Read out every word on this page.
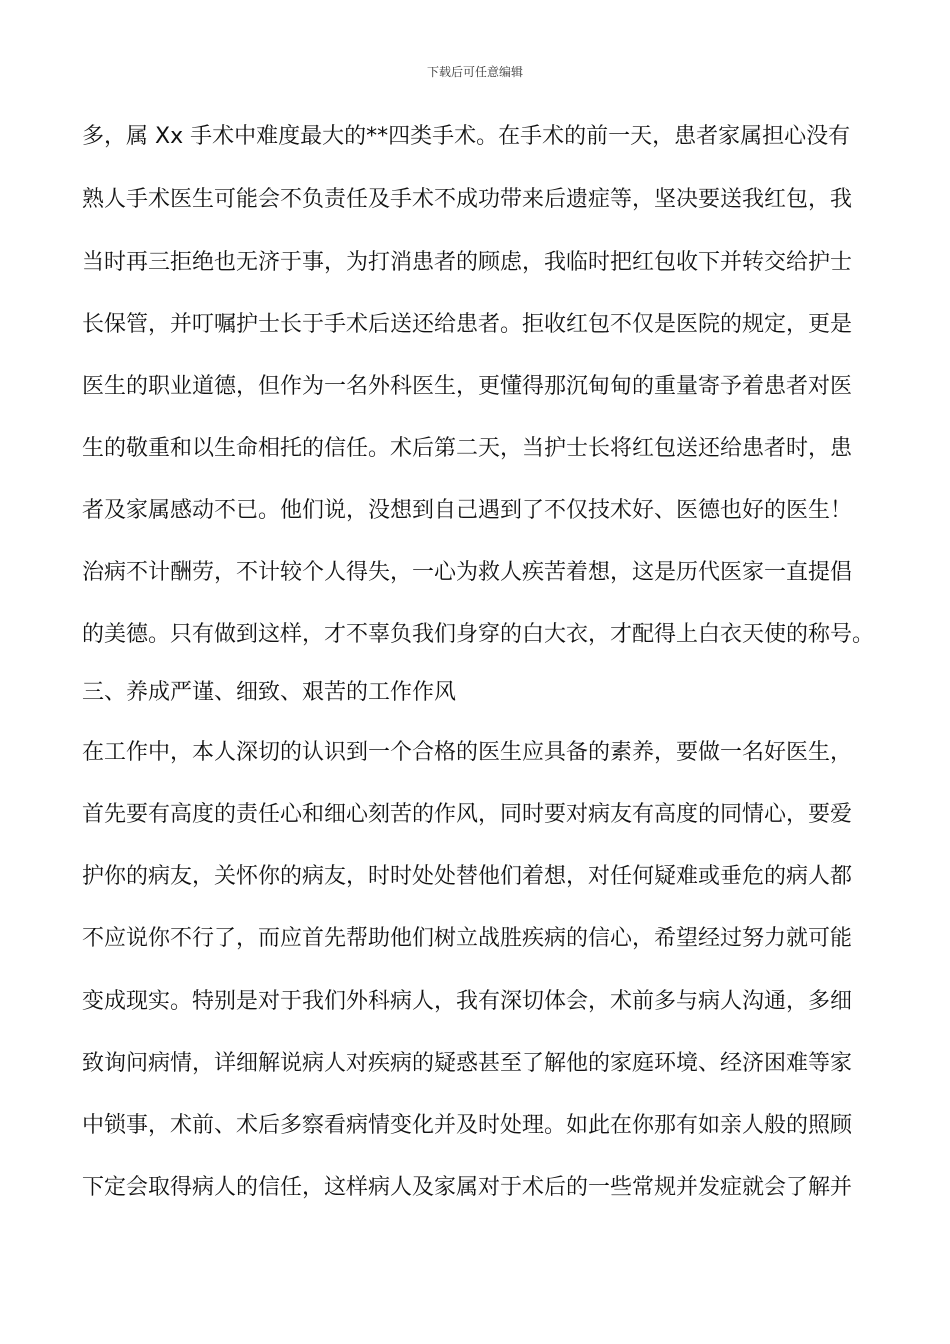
下载后可任意编辑
多，属 Xx 手术中难度最大的**四类手术。在手术的前一天，患者家属担心没有
熟人手术医生可能会不负责任及手术不成功带来后遗症等，坚决要送我红包，我
当时再三拒绝也无济于事，为打消患者的顾虑，我临时把红包收下并转交给护士
长保管，并叮嘱护士长于手术后送还给患者。拒收红包不仅是医院的规定，更是
医生的职业道德，但作为一名外科医生，更懂得那沉甸甸的重量寄予着患者对医
生的敬重和以生命相托的信任。术后第二天，当护士长将红包送还给患者时，患
者及家属感动不已。他们说，没想到自己遇到了不仅技术好、医德也好的医生！
治病不计酬劳，不计较个人得失，一心为救人疾苦着想，这是历代医家一直提倡
的美德。只有做到这样，才不辜负我们身穿的白大衣，才配得上白衣天使的称号。
三、养成严谨、细致、艰苦的工作作风
在工作中，本人深切的认识到一个合格的医生应具备的素养，要做一名好医生，
首先要有高度的责任心和细心刻苦的作风，同时要对病友有高度的同情心，要爱
护你的病友，关怀你的病友，时时处处替他们着想，对任何疑难或垂危的病人都
不应说你不行了，而应首先帮助他们树立战胜疾病的信心，希望经过努力就可能
变成现实。特别是对于我们外科病人，我有深切体会，术前多与病人沟通，多细
致询问病情，详细解说病人对疾病的疑惑甚至了解他的家庭环境、经济困难等家
中锁事，术前、术后多察看病情变化并及时处理。如此在你那有如亲人般的照顾
下定会取得病人的信任，这样病人及家属对于术后的一些常规并发症就会了解并
